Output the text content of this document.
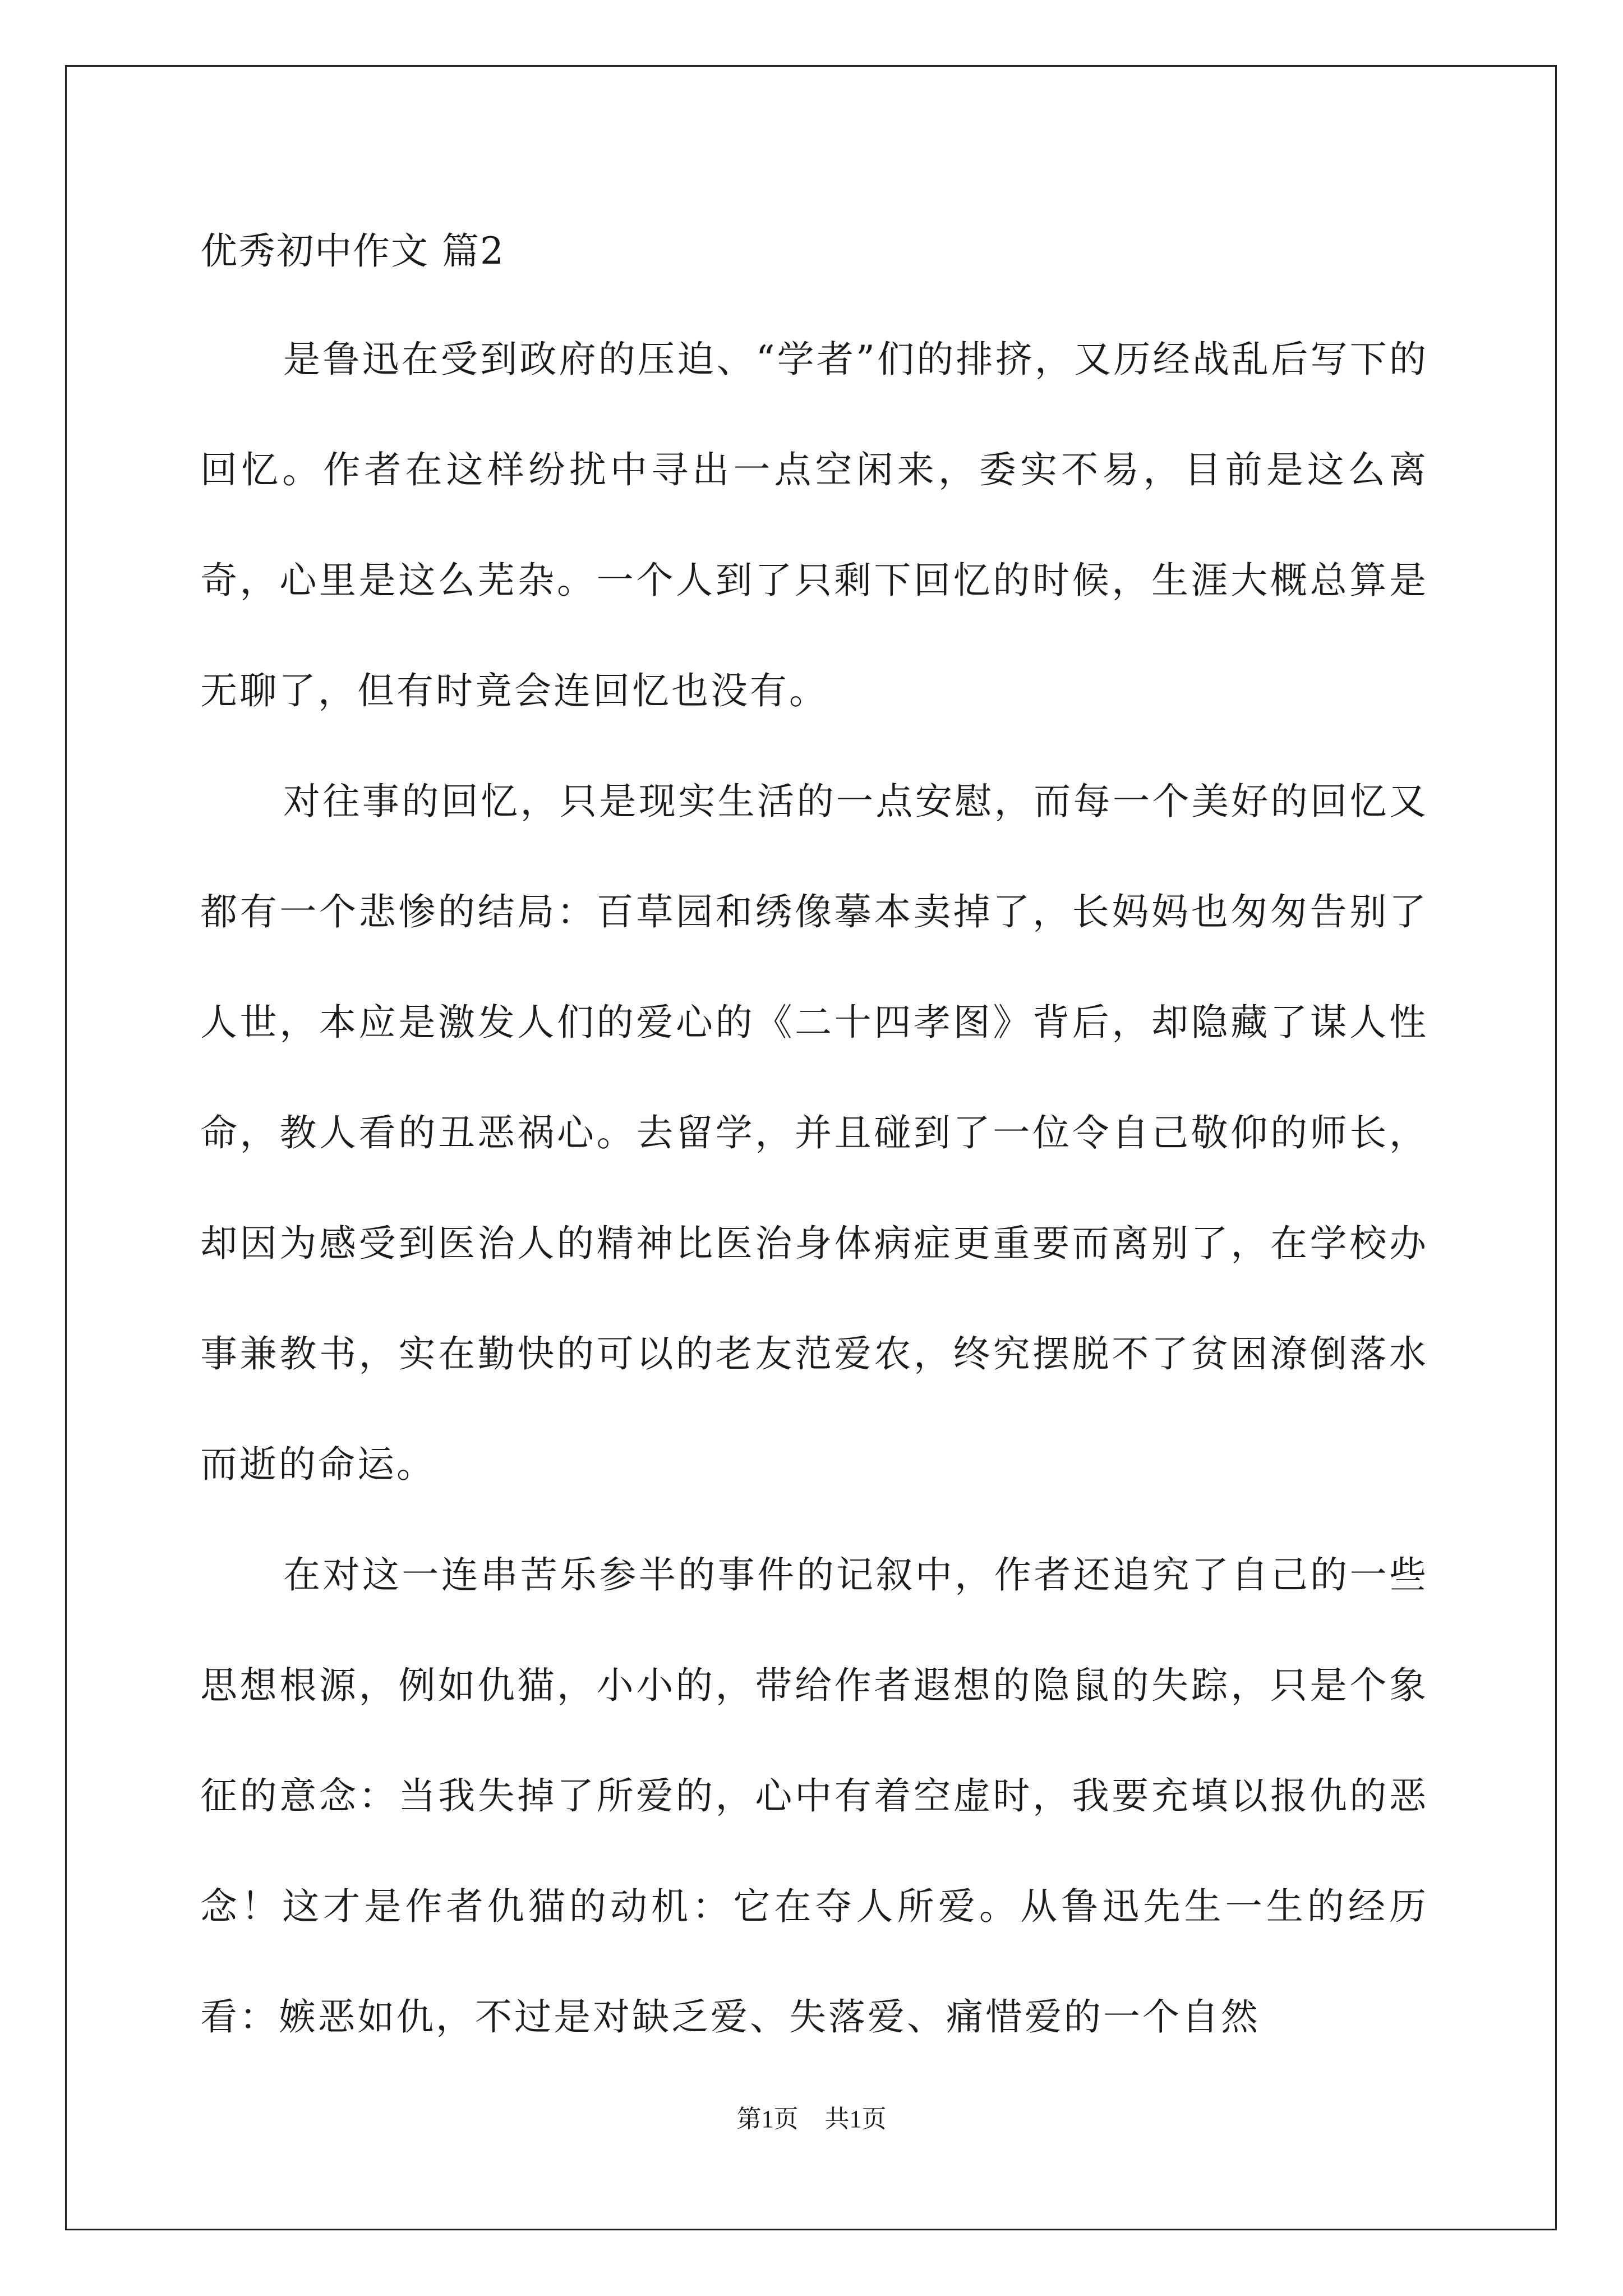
优秀初中作文 篇2

是鲁迅在受到政府的压迫、“学者”们的排挤，又历经战乱后写下的回忆。作者在这样纷扰中寻出一点空闲来，委实不易，目前是这么离奇，心里是这么芜杂。一个人到了只剩下回忆的时候，生涯大概总算是无聊了，但有时竟会连回忆也没有。

对往事的回忆，只是现实生活的一点安慰，而每一个美好的回忆又都有一个悲惨的结局：百草园和绣像摹本卖掉了，长妈妈也匆匆告别了人世，本应是激发人们的爱心的《二十四孝图》背后，却隐藏了谋人性命，教人看的丑恶祸心。去留学，并且碰到了一位令自己敬仰的师长，却因为感受到医治人的精神比医治身体病症更重要而离别了，在学校办事兼教书，实在勤快的可以的老友范爱农，终究摆脱不了贫困潦倒落水而逝的命运。

在对这一连串苦乐参半的事件的记叙中，作者还追究了自己的一些思想根源，例如仇猫，小小的，带给作者遐想的隐鼠的失踪，只是个象征的意念：当我失掉了所爱的，心中有着空虚时，我要充填以报仇的恶念！这才是作者仇猫的动机：它在夺人所爱。从鲁迅先生一生的经历看：嫉恶如仇，不过是对缺乏爱、失落爱、痛惜爱的一个自然

第1页 共1页
